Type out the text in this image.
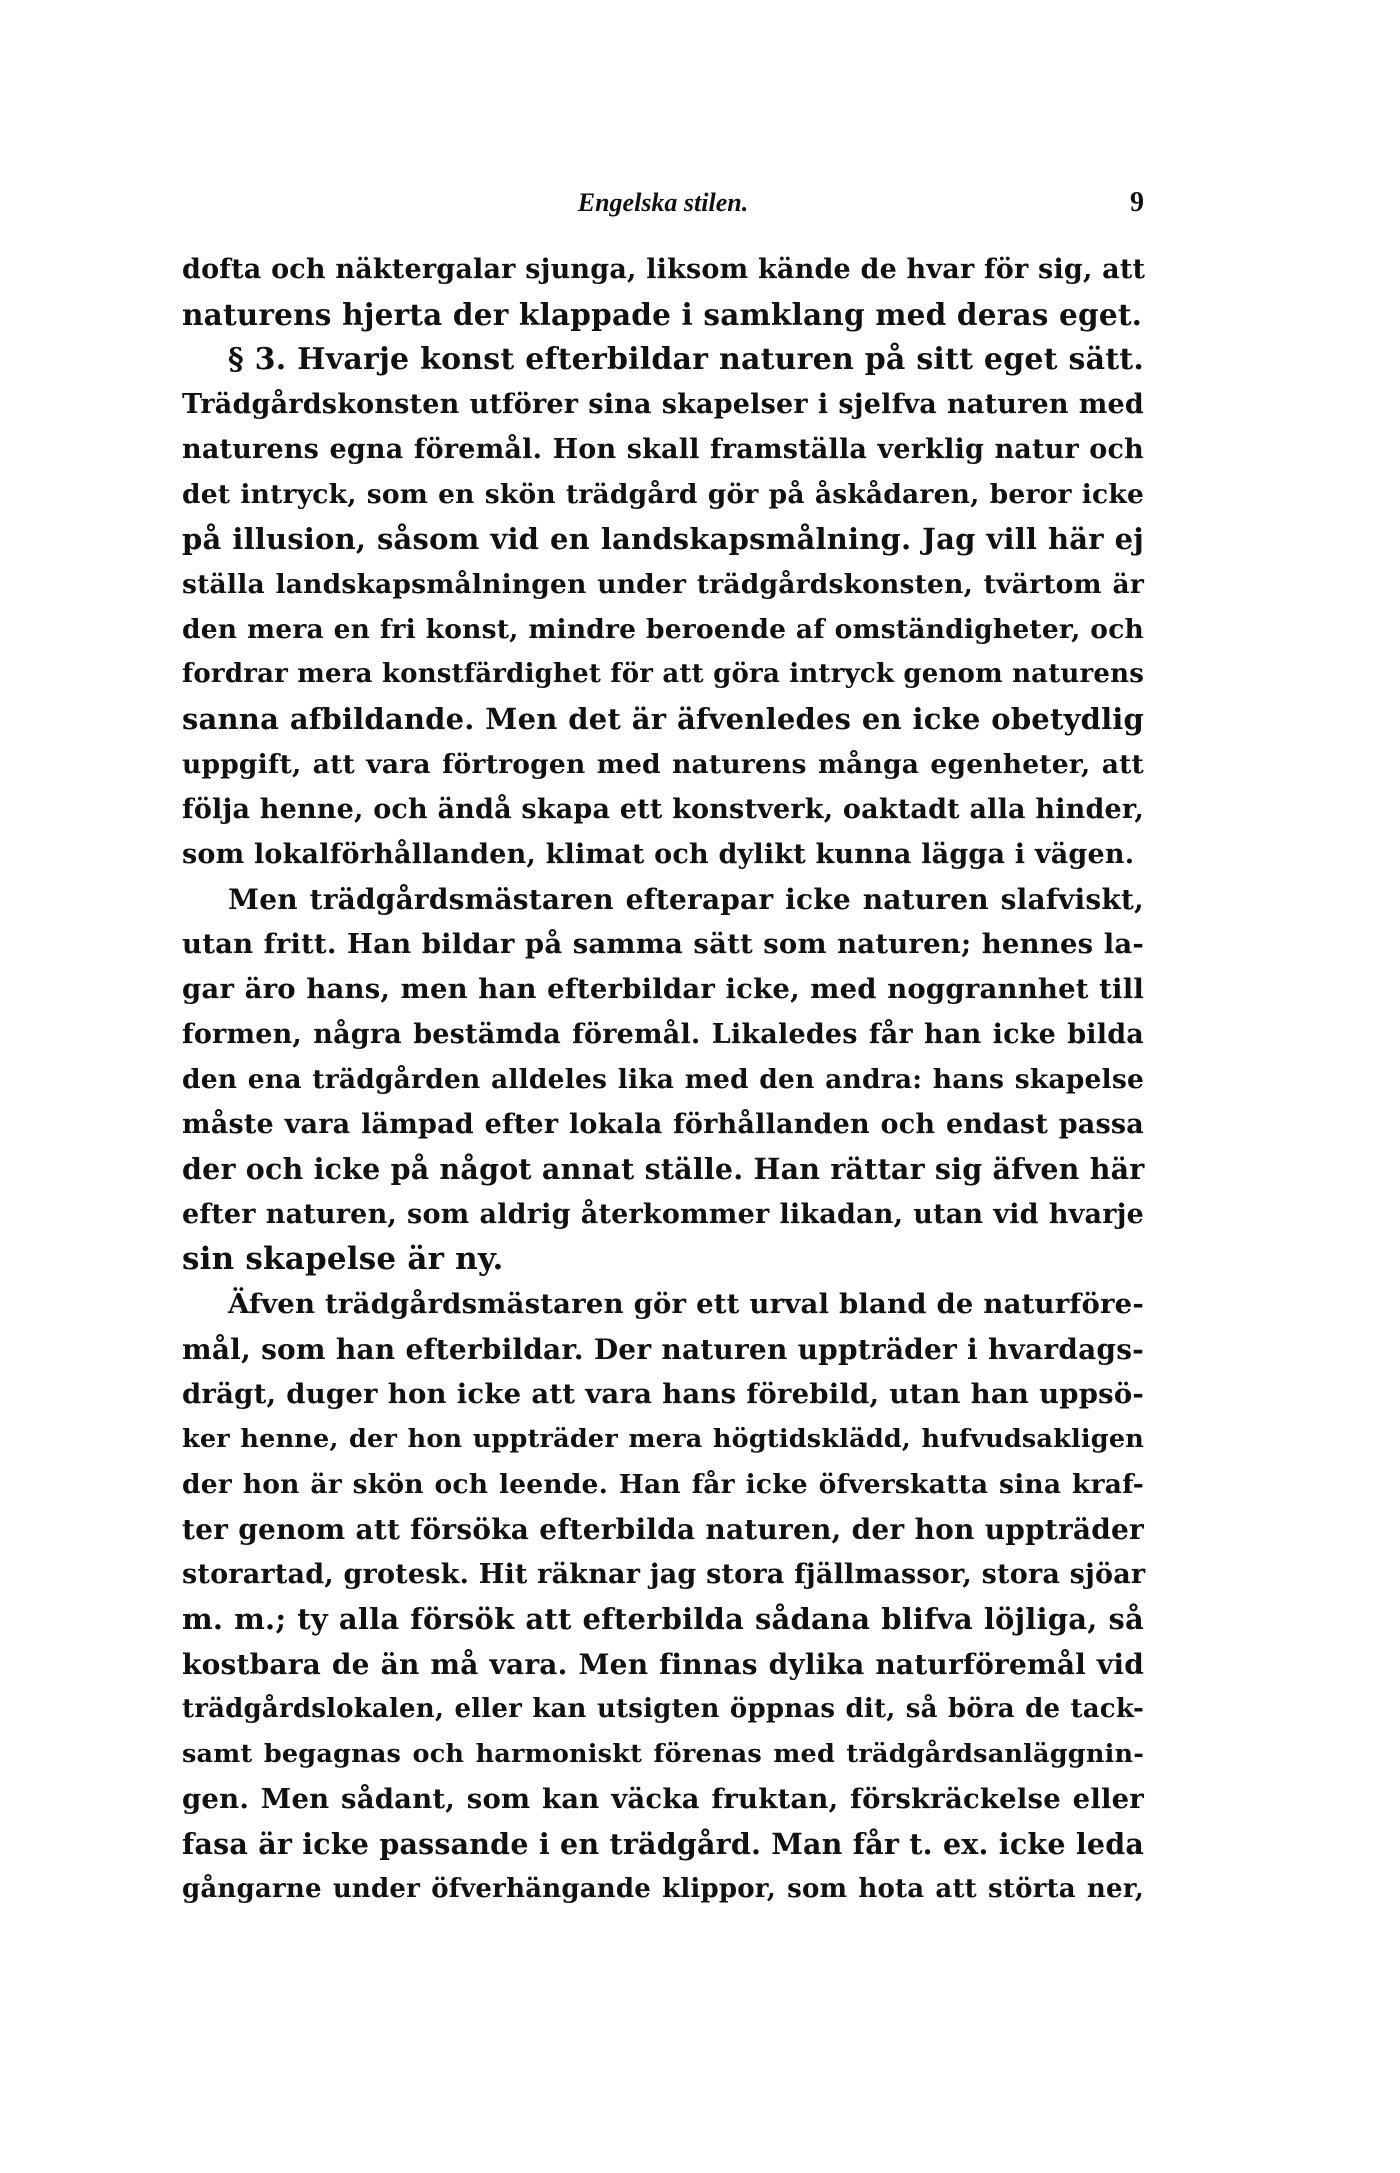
Engelska stilen.	9
dofta och näktergalar sjunga, liksom kände de hvar för sig, att
naturens hjerta der klappade i samklang med deras eget.
§ 3. Hvarje konst efterbildar naturen på sitt eget sätt.
Trädgårdskonsten utförer sina skapelser i sjelfva naturen med
naturens egna föremål. Hon skall framställa verklig natur och
det intryck, som en skön trädgård gör på åskådaren, beror icke
på illusion, såsom vid en landskapsmålning. Jag vill här ej
ställa landskapsmålningen under trädgårdskonsten, tvärtom är
den mera en fri konst, mindre beroende af omständigheter, och
fordrar mera konstfärdighet för att göra intryck genom naturens
sanna afbildande. Men det är äfvenledes en icke obetydlig
uppgift, att vara förtrogen med naturens många egenheter, att
följa henne, och ändå skapa ett konstverk, oaktadt alla hinder,
som lokalförhållanden, klimat och dylikt kunna lägga i vägen.
Men trädgårdsmästaren efterapar icke naturen slafviskt,
utan fritt. Han bildar på samma sätt som naturen; hennes la-
gar äro hans, men han efterbildar icke, med noggrannhet till
formen, några bestämda föremål. Likaledes får han icke bilda
den ena trädgården alldeles lika med den andra: hans skapelse
måste vara lämpad efter lokala förhållanden och endast passa
der och icke på något annat ställe. Han rättar sig äfven här
efter naturen, som aldrig återkommer likadan, utan vid hvarje
sin skapelse är ny.
Äfven trädgårdsmästaren gör ett urval bland de naturföre-
mål, som han efterbildar. Der naturen uppträder i hvardags-
drägt, duger hon icke att vara hans förebild, utan han uppsö-
ker henne, der hon uppträder mera högtidsklädd, hufvudsakligen
der hon är skön och leende. Han får icke öfverskatta sina kraf-
ter genom att försöka efterbilda naturen, der hon uppträder
storartad, grotesk. Hit räknar jag stora fjällmassor, stora sjöar
m. m.; ty alla försök att efterbilda sådana blifva löjliga, så
kostbara de än må vara. Men finnas dylika naturföremål vid
trädgårdslokalen, eller kan utsigten öppnas dit, så böra de tack-
samt begagnas och harmoniskt förenas med trädgårdsanläggnin-
gen. Men sådant, som kan väcka fruktan, förskräckelse eller
fasa är icke passande i en trädgård. Man får t. ex. icke leda
gångarne under öfverhängande klippor, som hota att störta ner,
